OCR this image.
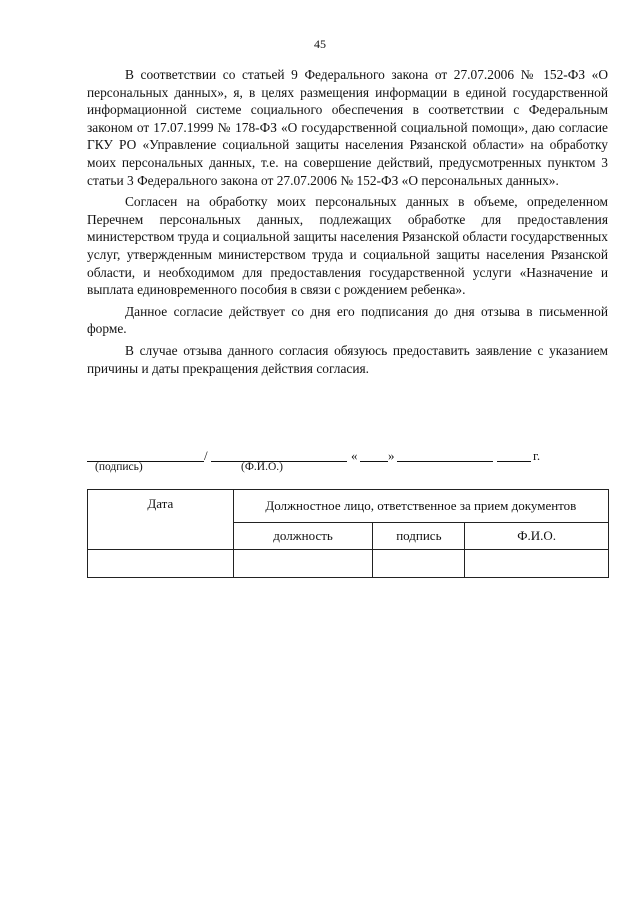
45

В соответствии со статьей 9 Федерального закона от 27.07.2006 № 152-ФЗ «О персональных данных», я, в целях размещения информации в единой государственной информационной системе социального обеспечения в соответствии с Федеральным законом от 17.07.1999 № 178-ФЗ «О государственной социальной помощи», даю согласие ГКУ РО «Управление социальной защиты населения Рязанской области» на обработку моих персональных данных, т.е. на совершение действий, предусмотренных пунктом 3 статьи 3 Федерального закона от 27.07.2006 № 152-ФЗ «О персональных данных».

Согласен на обработку моих персональных данных в объеме, определенном Перечнем персональных данных, подлежащих обработке для предоставления министерством труда и социальной защиты населения Рязанской области государственных услуг, утвержденным министерством труда и социальной защиты населения Рязанской области, и необходимом для предоставления государственной услуги «Назначение и выплата единовременного пособия в связи с рождением ребенка».

Данное согласие действует со дня его подписания до дня отзыва в письменной форме.

В случае отзыва данного согласия обязуюсь предоставить заявление с указанием причины и даты прекращения действия согласия.

/	« »	г.
(подпись)	(Ф.И.О.)
Дата	Должностное лицо, ответственное за прием документов		
	должность	подпись	Ф.И.О.
